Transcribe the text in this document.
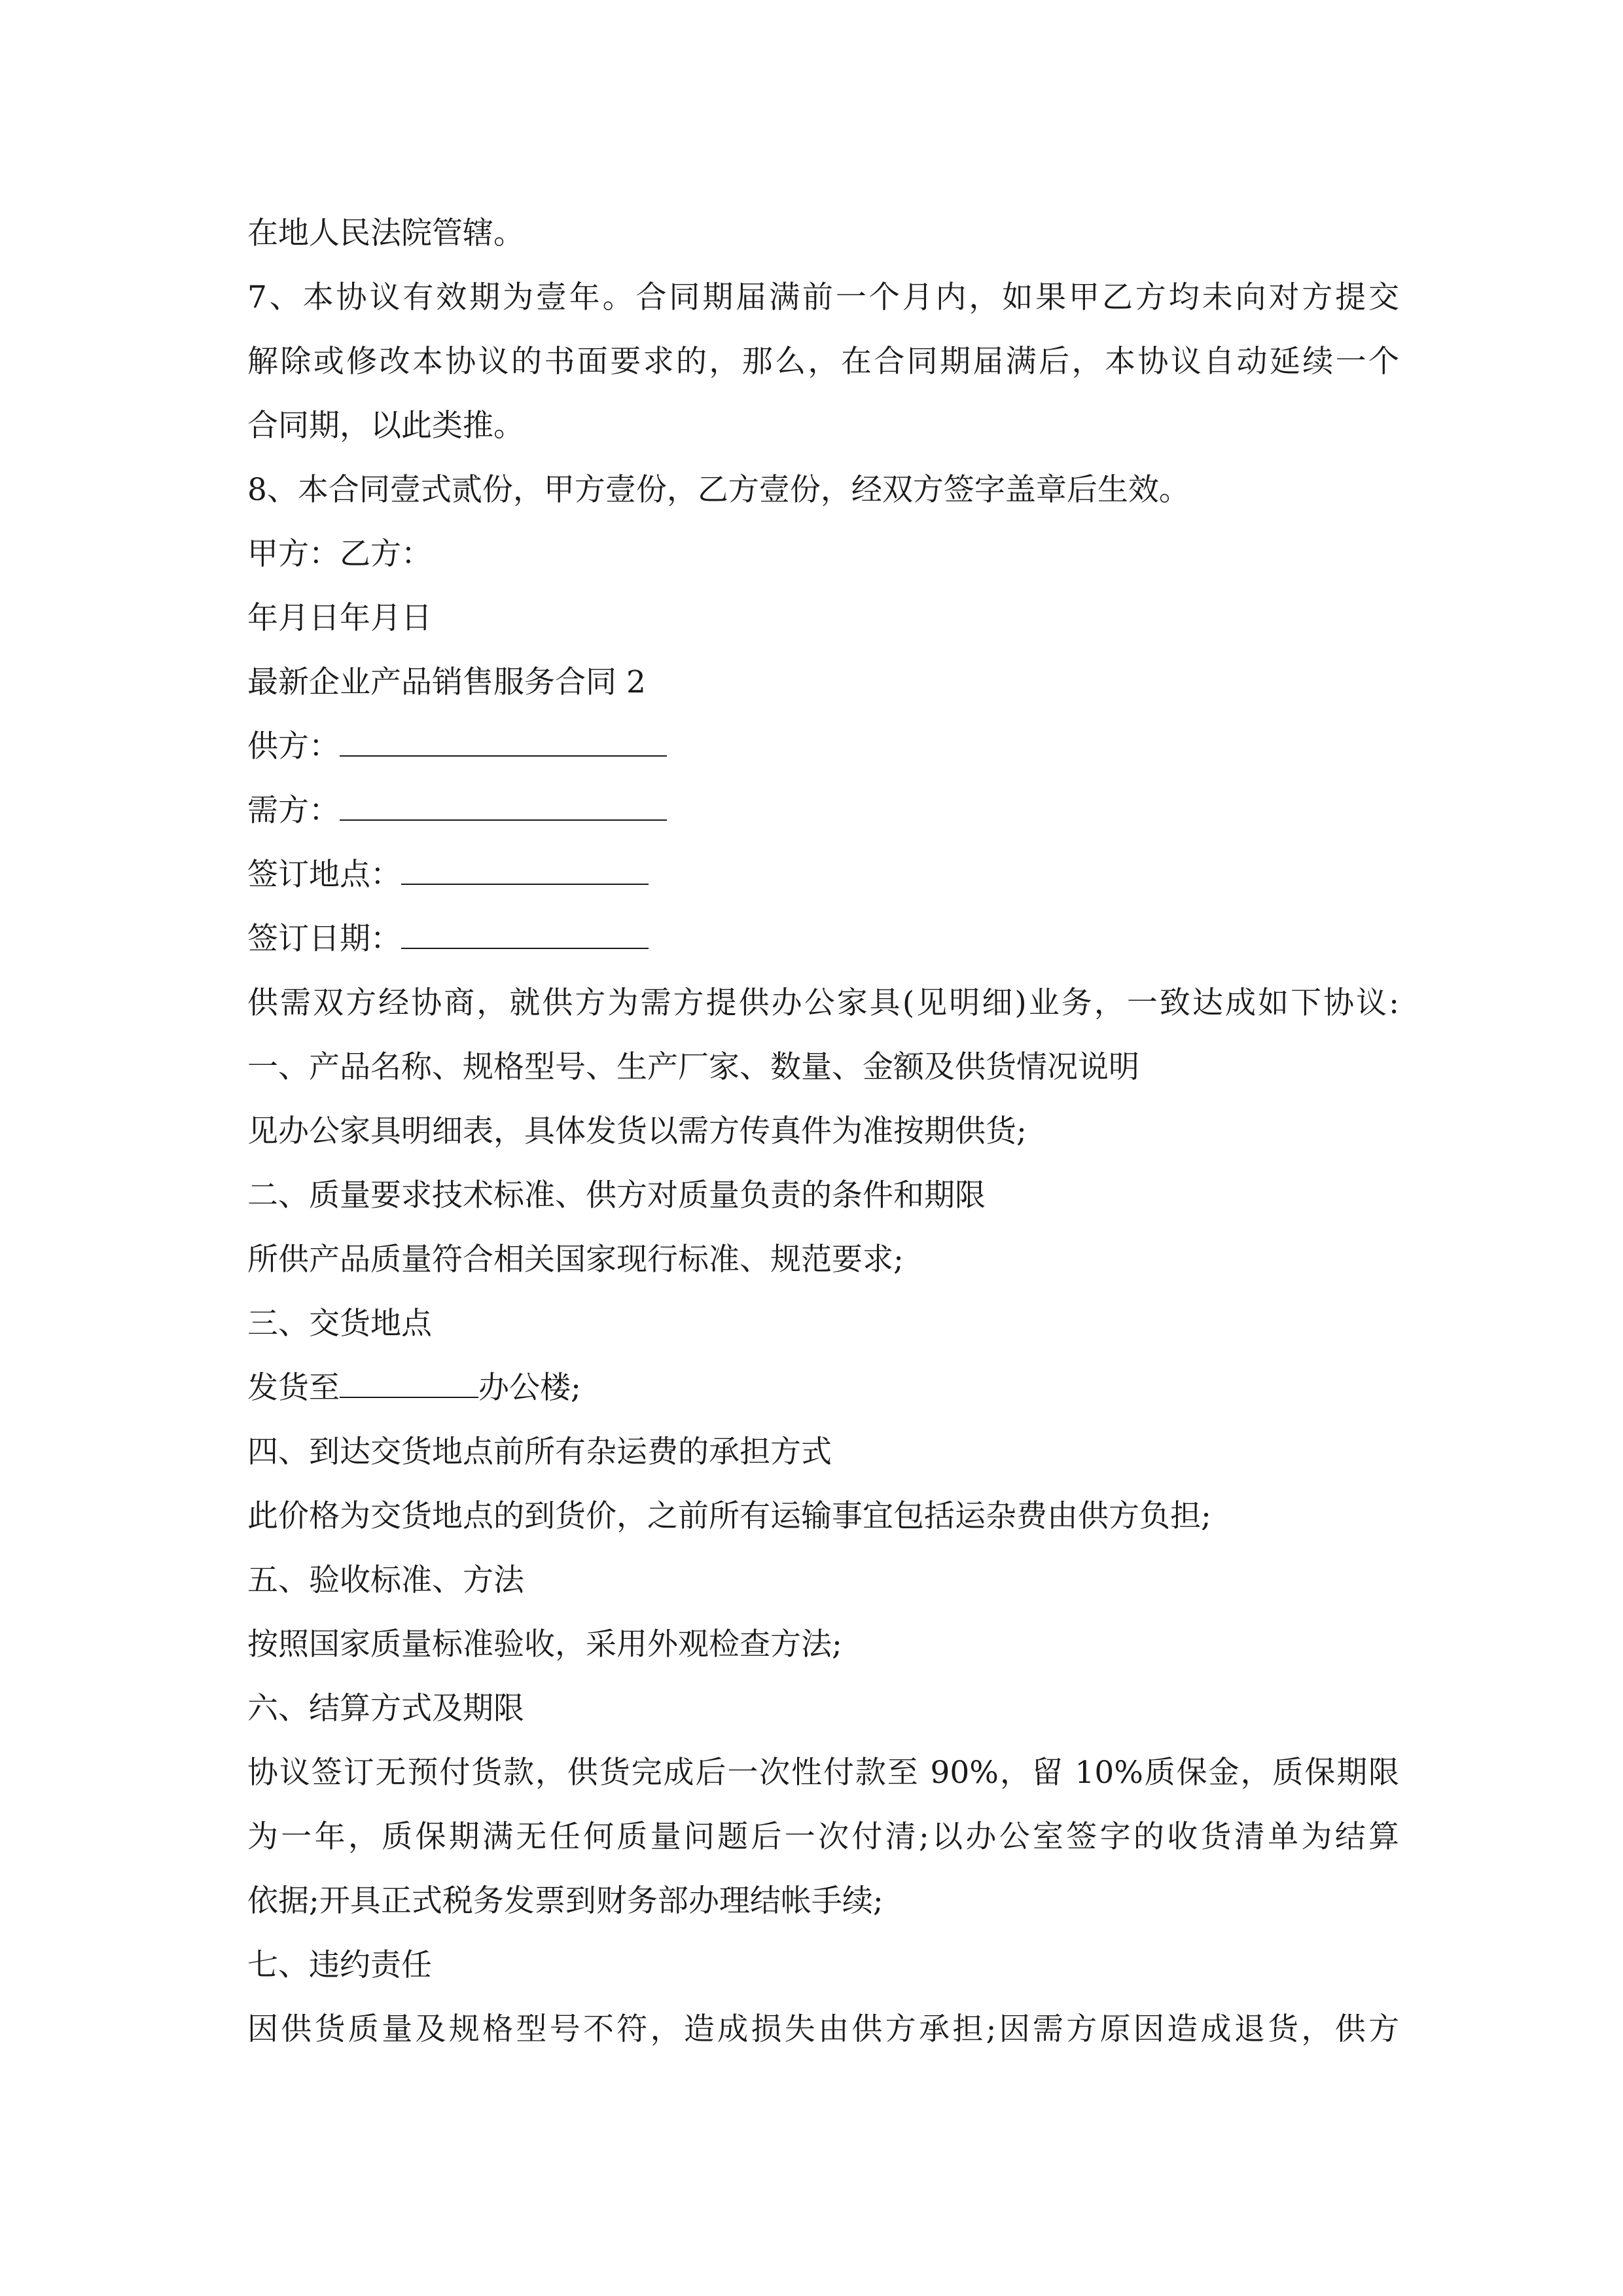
在地人民法院管辖。
7、本协议有效期为壹年。合同期届满前一个月内，如果甲乙方均未向对方提交
解除或修改本协议的书面要求的，那么，在合同期届满后，本协议自动延续一个
合同期，以此类推。
8、本合同壹式贰份，甲方壹份，乙方壹份，经双方签字盖章后生效。
甲方：乙方：
年月日年月日
最新企业产品销售服务合同 2
供方：
需方：
签订地点：
签订日期：
供需双方经协商，就供方为需方提供办公家具(见明细)业务，一致达成如下协议:
一、产品名称、规格型号、生产厂家、数量、金额及供货情况说明
见办公家具明细表，具体发货以需方传真件为准按期供货;
二、质量要求技术标准、供方对质量负责的条件和期限
所供产品质量符合相关国家现行标准、规范要求;
三、交货地点
发货至	办公楼;
四、到达交货地点前所有杂运费的承担方式
此价格为交货地点的到货价，之前所有运输事宜包括运杂费由供方负担;
五、验收标准、方法
按照国家质量标准验收，采用外观检查方法;
六、结算方式及期限
协议签订无预付货款，供货完成后一次性付款至 90%，留 10%质保金，质保期限
为一年，质保期满无任何质量问题后一次付清;以办公室签字的收货清单为结算
依据;开具正式税务发票到财务部办理结帐手续;
七、违约责任
因供货质量及规格型号不符，造成损失由供方承担;因需方原因造成退货，供方
